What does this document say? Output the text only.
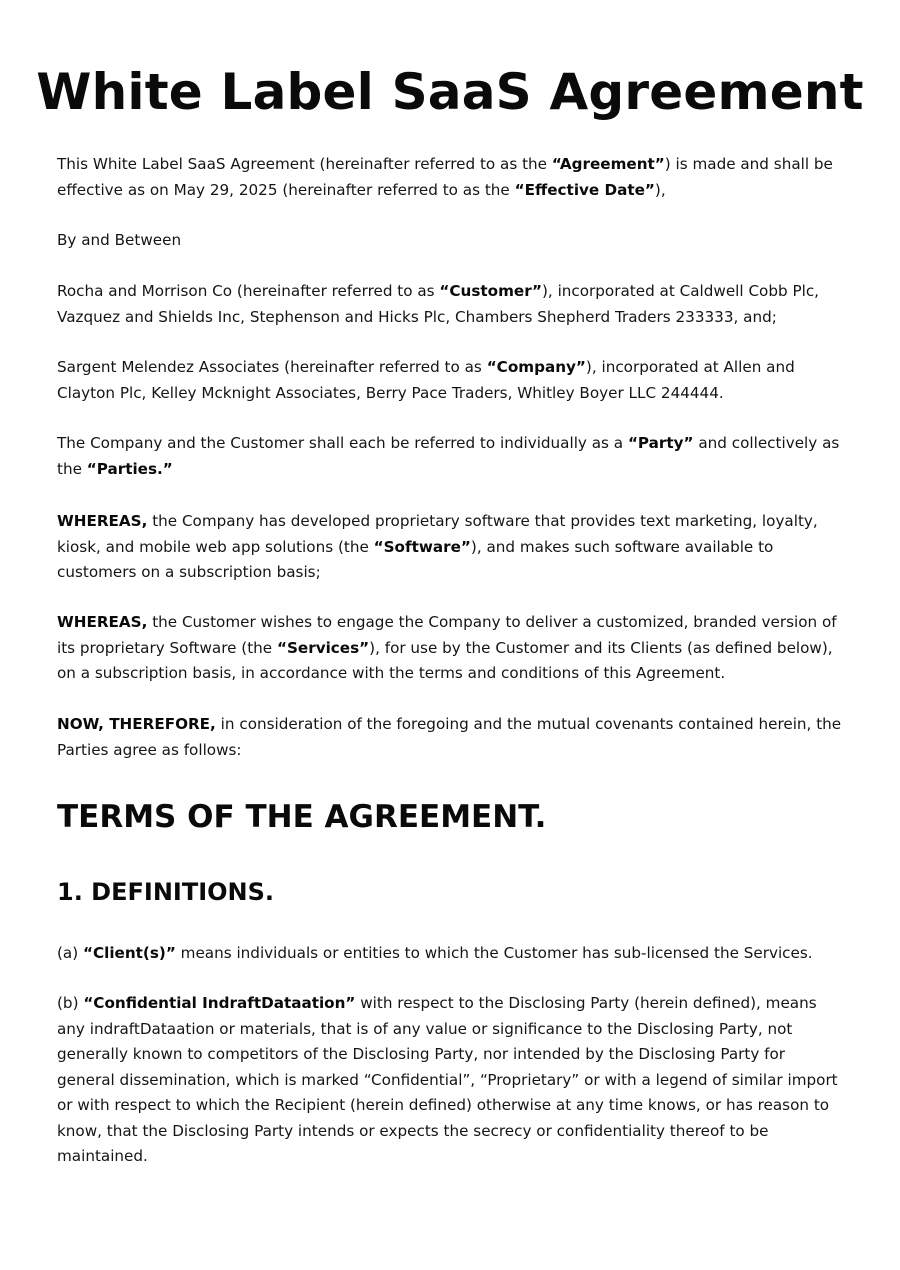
White Label SaaS Agreement

This White Label SaaS Agreement (hereinafter referred to as the “Agreement”) is made and shall be effective as on May 29, 2025 (hereinafter referred to as the “Effective Date”),

By and Between

Rocha and Morrison Co (hereinafter referred to as “Customer”), incorporated at Caldwell Cobb Plc, Vazquez and Shields Inc, Stephenson and Hicks Plc, Chambers Shepherd Traders 233333, and;

Sargent Melendez Associates (hereinafter referred to as “Company”), incorporated at Allen and Clayton Plc, Kelley Mcknight Associates, Berry Pace Traders, Whitley Boyer LLC 244444.

The Company and the Customer shall each be referred to individually as a “Party” and collectively as the “Parties.”

WHEREAS, the Company has developed proprietary software that provides text marketing, loyalty, kiosk, and mobile web app solutions (the “Software”), and makes such software available to customers on a subscription basis;

WHEREAS, the Customer wishes to engage the Company to deliver a customized, branded version of its proprietary Software (the “Services”), for use by the Customer and its Clients (as defined below), on a subscription basis, in accordance with the terms and conditions of this Agreement.

NOW, THEREFORE, in consideration of the foregoing and the mutual covenants contained herein, the Parties agree as follows:

TERMS OF THE AGREEMENT.
1. DEFINITIONS.

(a) “Client(s)” means individuals or entities to which the Customer has sub-licensed the Services.

(b) “Confidential IndraftDataation” with respect to the Disclosing Party (herein defined), means any indraftDataation or materials, that is of any value or significance to the Disclosing Party, not generally known to competitors of the Disclosing Party, nor intended by the Disclosing Party for general dissemination, which is marked “Confidential”, “Proprietary” or with a legend of similar import or with respect to which the Recipient (herein defined) otherwise at any time knows, or has reason to know, that the Disclosing Party intends or expects the secrecy or confidentiality thereof to be maintained.
